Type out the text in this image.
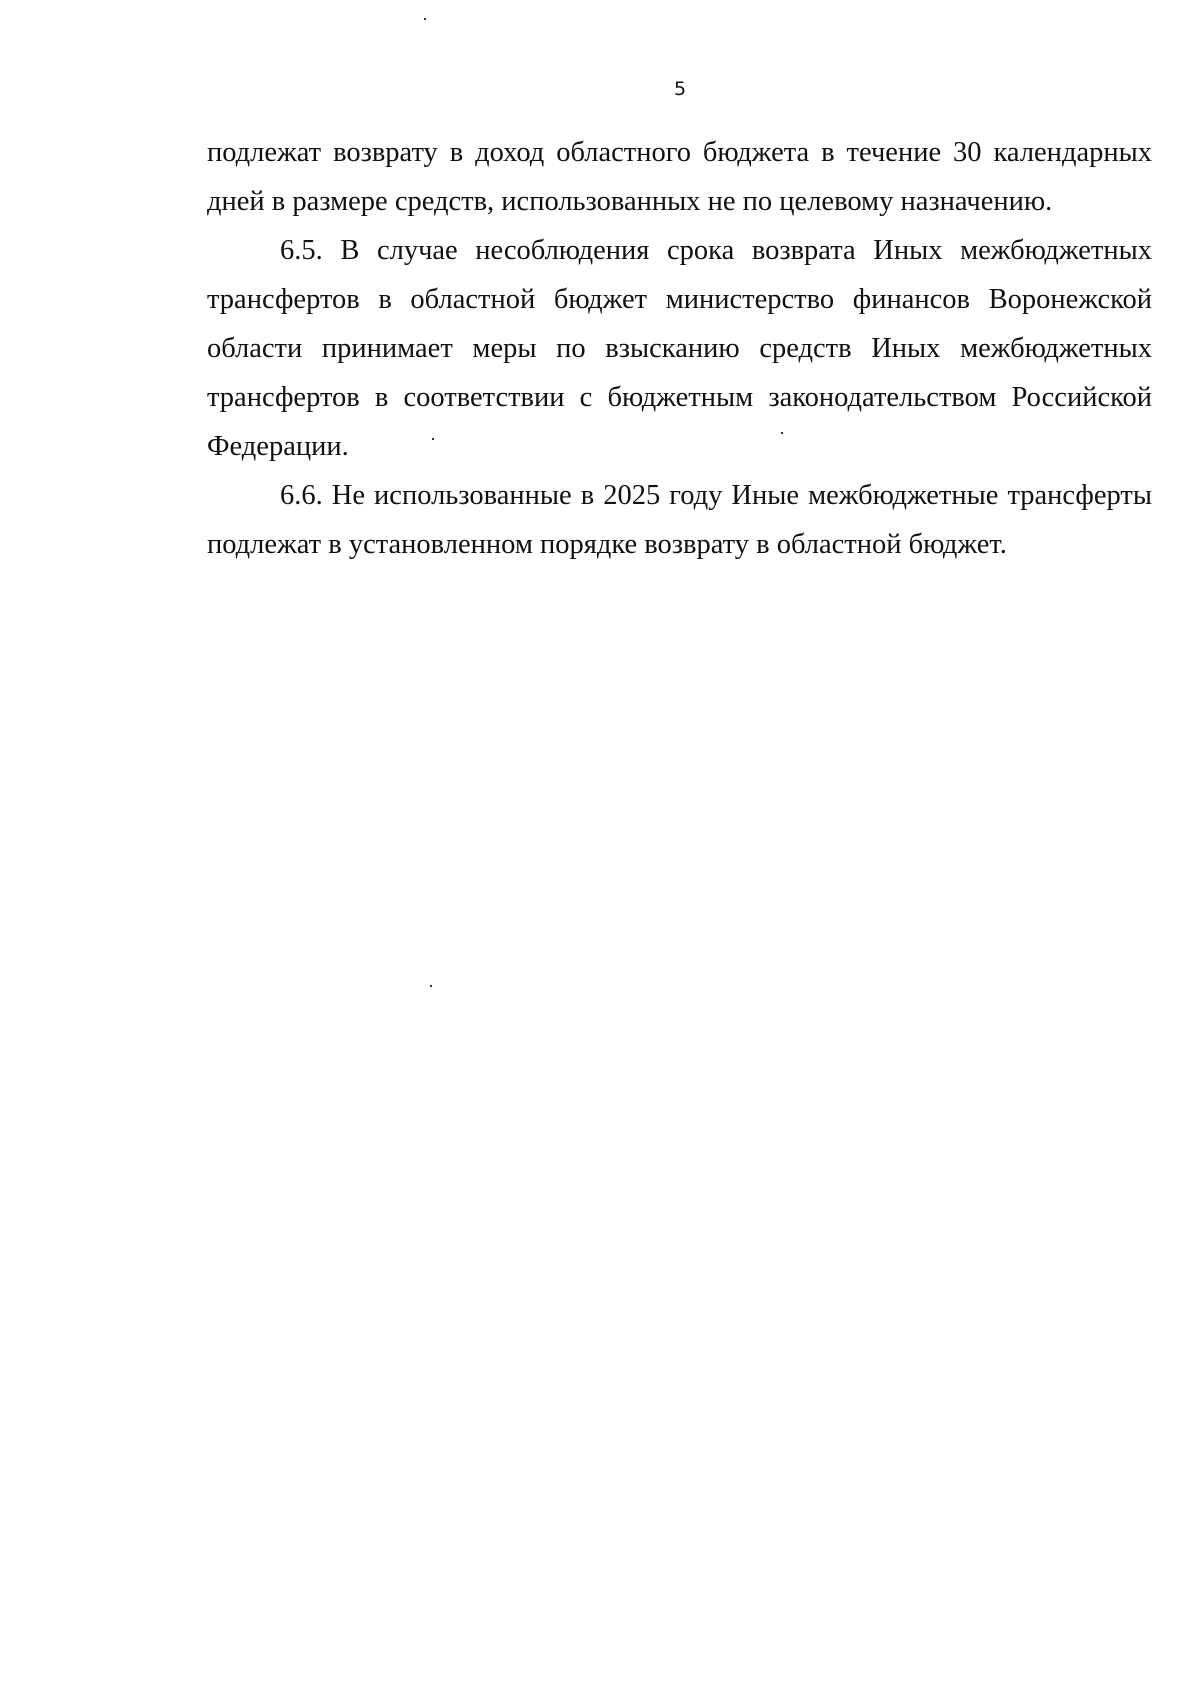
5

подлежат возврату в доход областного бюджета в течение 30 календарных дней в размере средств, использованных не по целевому назначению.

6.5. В случае несоблюдения срока возврата Иных межбюджетных трансфертов в областной бюджет министерство финансов Воронежской области принимает меры по взысканию средств Иных межбюджетных трансфертов в соответствии с бюджетным законодательством Российской Федерации.

6.6. Не использованные в 2025 году Иные межбюджетные трансферты подлежат в установленном порядке возврату в областной бюджет.
